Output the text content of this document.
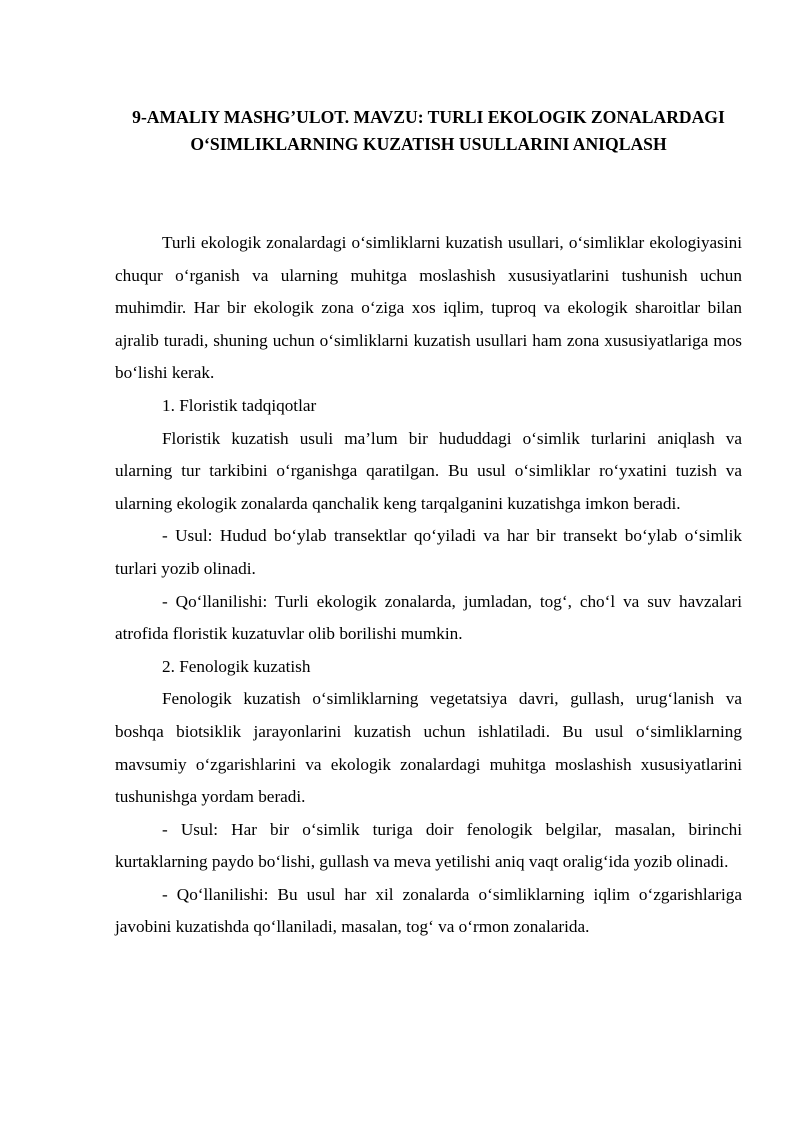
9-AMALIY MASHG’ULOT. MAVZU: TURLI EKOLOGIK ZONALARDAGI O‘SIMLIKLARNING KUZATISH USULLARINI ANIQLASH

Turli ekologik zonalardagi o‘simliklarni kuzatish usullari, o‘simliklar ekologiyasini chuqur o‘rganish va ularning muhitga moslashish xususiyatlarini tushunish uchun muhimdir. Har bir ekologik zona o‘ziga xos iqlim, tuproq va ekologik sharoitlar bilan ajralib turadi, shuning uchun o‘simliklarni kuzatish usullari ham zona xususiyatlariga mos bo‘lishi kerak.

1. Floristik tadqiqotlar

Floristik kuzatish usuli ma’lum bir hududdagi o‘simlik turlarini aniqlash va ularning tur tarkibini o‘rganishga qaratilgan. Bu usul o‘simliklar ro‘yxatini tuzish va ularning ekologik zonalarda qanchalik keng tarqalganini kuzatishga imkon beradi.

- Usul: Hudud bo‘ylab transektlar qo‘yiladi va har bir transekt bo‘ylab o‘simlik turlari yozib olinadi.

- Qo‘llanilishi: Turli ekologik zonalarda, jumladan, tog‘, cho‘l va suv havzalari atrofida floristik kuzatuvlar olib borilishi mumkin.

2. Fenologik kuzatish

Fenologik kuzatish o‘simliklarning vegetatsiya davri, gullash, urug‘lanish va boshqa biotsiklik jarayonlarini kuzatish uchun ishlatiladi. Bu usul o‘simliklarning mavsumiy o‘zgarishlarini va ekologik zonalardagi muhitga moslashish xususiyatlarini tushunishga yordam beradi.

- Usul: Har bir o‘simlik turiga doir fenologik belgilar, masalan, birinchi kurtaklarning paydo bo‘lishi, gullash va meva yetilishi aniq vaqt oralig‘ida yozib olinadi.

- Qo‘llanilishi: Bu usul har xil zonalarda o‘simliklarning iqlim o‘zgarishlariga javobini kuzatishda qo‘llaniladi, masalan, tog‘ va o‘rmon zonalarida.
